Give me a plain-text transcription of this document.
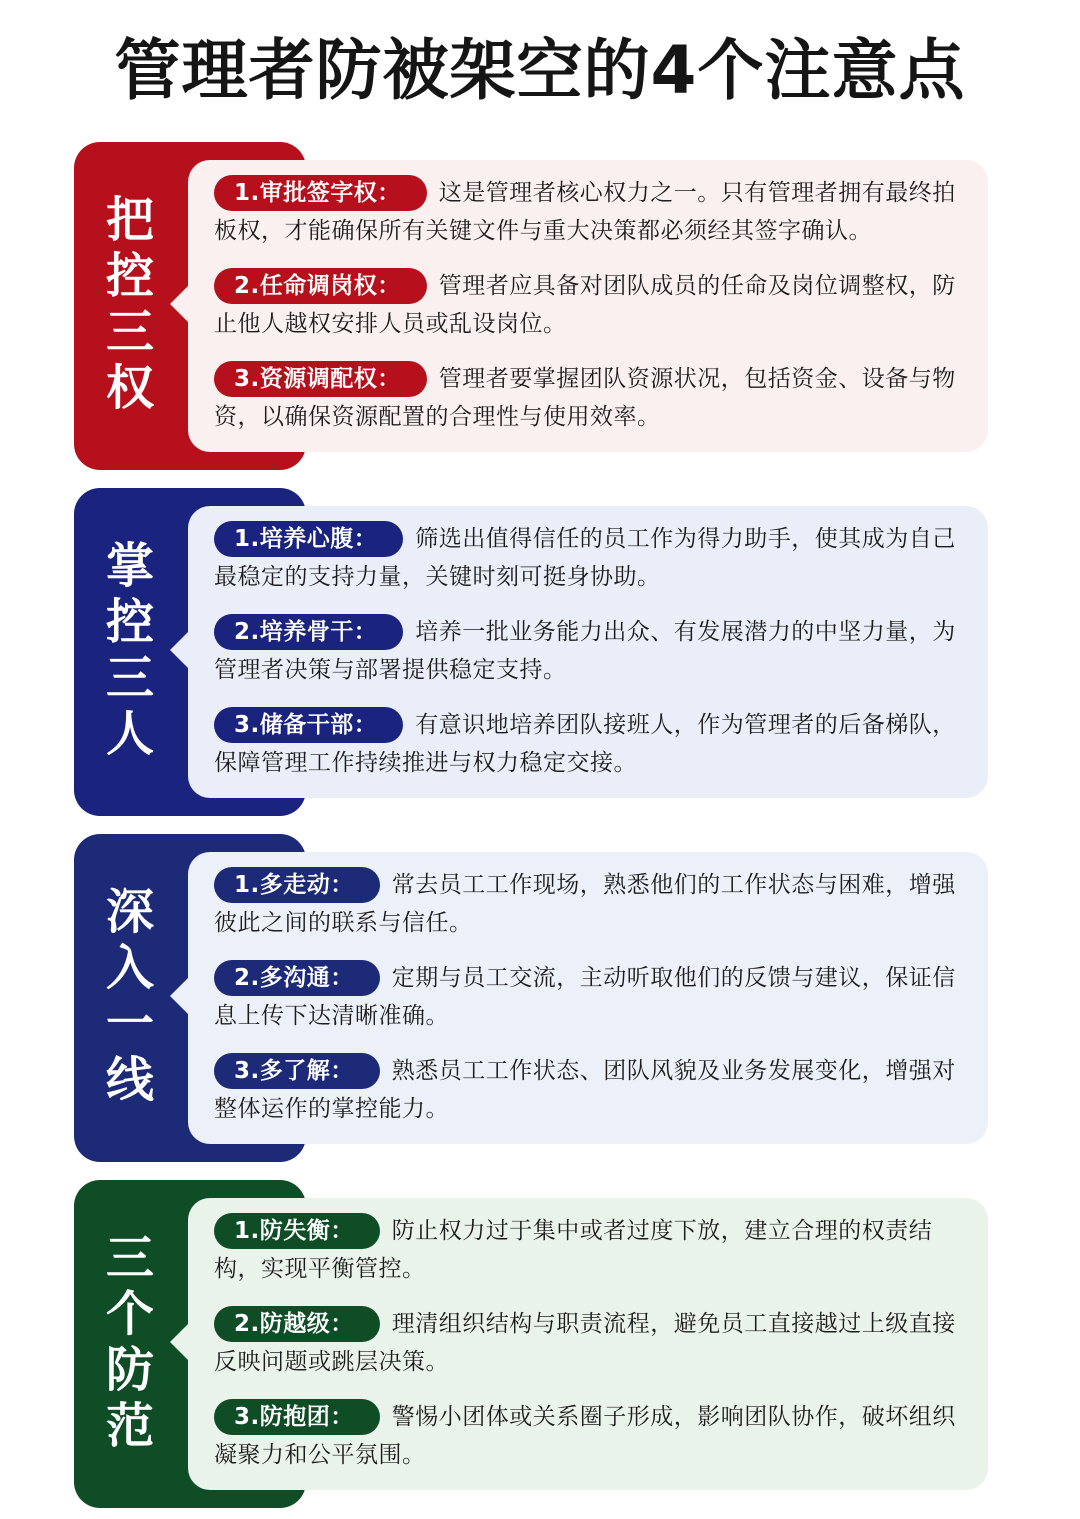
管理者防被架空的4个注意点
把控三权
1.审批签字权： 这是管理者核心权力之一。只有管理者拥有最终拍板权，才能确保所有关键文件与重大决策都必须经其签字确认。
2.任命调岗权： 管理者应具备对团队成员的任命及岗位调整权，防止他人越权安排人员或乱设岗位。
3.资源调配权： 管理者要掌握团队资源状况，包括资金、设备与物资，以确保资源配置的合理性与使用效率。
掌控三人
1.培养心腹： 筛选出值得信任的员工作为得力助手，使其成为自己最稳定的支持力量，关键时刻可挺身协助。
2.培养骨干： 培养一批业务能力出众、有发展潜力的中坚力量，为管理者决策与部署提供稳定支持。
3.储备干部： 有意识地培养团队接班人，作为管理者的后备梯队，保障管理工作持续推进与权力稳定交接。
深入一线
1.多走动： 常去员工工作现场，熟悉他们的工作状态与困难，增强彼此之间的联系与信任。
2.多沟通： 定期与员工交流，主动听取他们的反馈与建议，保证信息上传下达清晰准确。
3.多了解： 熟悉员工工作状态、团队风貌及业务发展变化，增强对整体运作的掌控能力。
三个防范
1.防失衡： 防止权力过于集中或者过度下放，建立合理的权责结构，实现平衡管控。
2.防越级： 理清组织结构与职责流程，避免员工直接越过上级直接反映问题或跳层决策。
3.防抱团： 警惕小团体或关系圈子形成，影响团队协作，破坏组织凝聚力和公平氛围。
